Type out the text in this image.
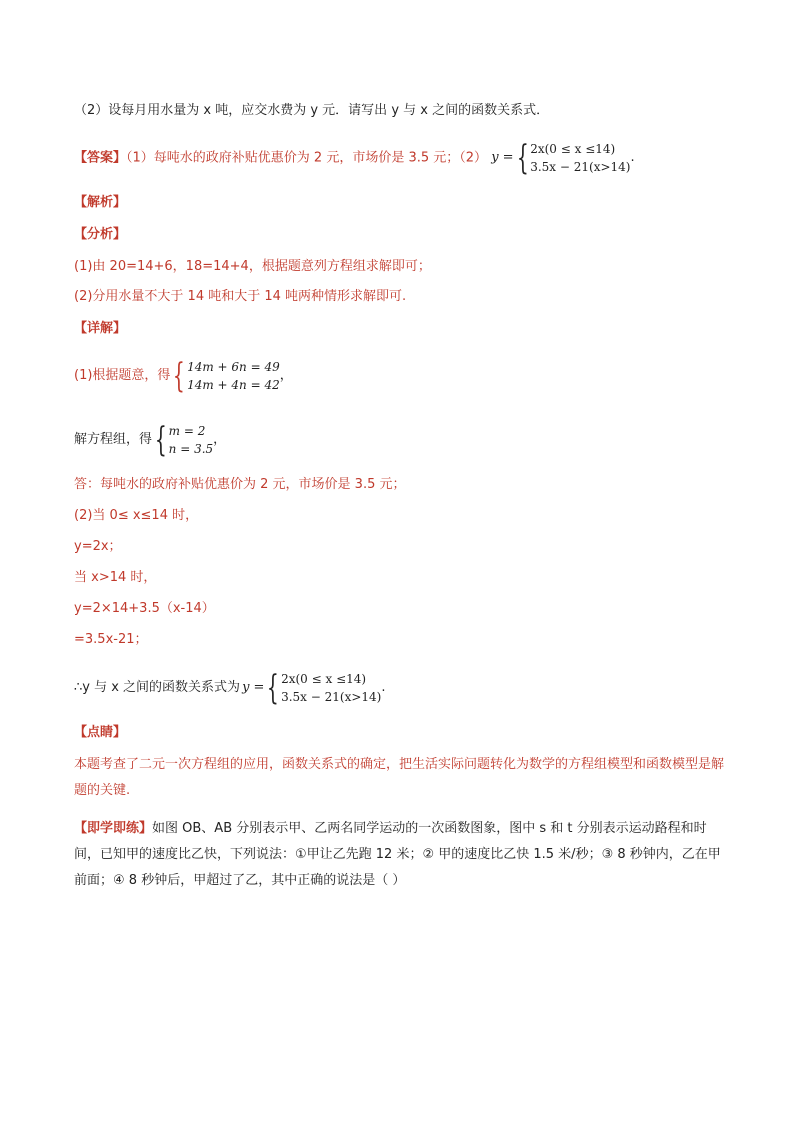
（2）设每月用水量为 x 吨，应交水费为 y 元．请写出 y 与 x 之间的函数关系式．
【答案】（1）每吨水的政府补贴优惠价为 2 元，市场价是 3.5 元；（2） y = { 2x(0 ≤ x ≤14)
3.5x − 21(x>14)
.
【解析】
【分析】
(1)由 20=14+6，18=14+4，根据题意列方程组求解即可；
(2)分用水量不大于 14 吨和大于 14 吨两种情形求解即可.
【详解】
(1)根据题意，得 { 14m + 6n = 49
14m + 4n = 42
，
解方程组，得 { m = 2
n = 3.5
，
答：每吨水的政府补贴优惠价为 2 元，市场价是 3.5 元；
(2)当 0≤ x≤14 时，
y=2x；
当 x>14 时，
y=2×14+3.5（x-14）
=3.5x-21；
∴y 与 x 之间的函数关系式为 y = { 2x(0 ≤ x ≤14)
3.5x − 21(x>14)
.
【点睛】
本题考查了二元一次方程组的应用，函数关系式的确定，把生活实际问题转化为数学的方程组模型和函数模型是解题的关键.
【即学即练】如图 OB、AB 分别表示甲、乙两名同学运动的一次函数图象，图中 s 和 t 分别表示运动路程和时间，已知甲的速度比乙快，下列说法：①甲让乙先跑 12 米；② 甲的速度比乙快 1.5 米/秒；③ 8 秒钟内，乙在甲前面；④ 8 秒钟后，甲超过了乙，其中正确的说法是（ ）
